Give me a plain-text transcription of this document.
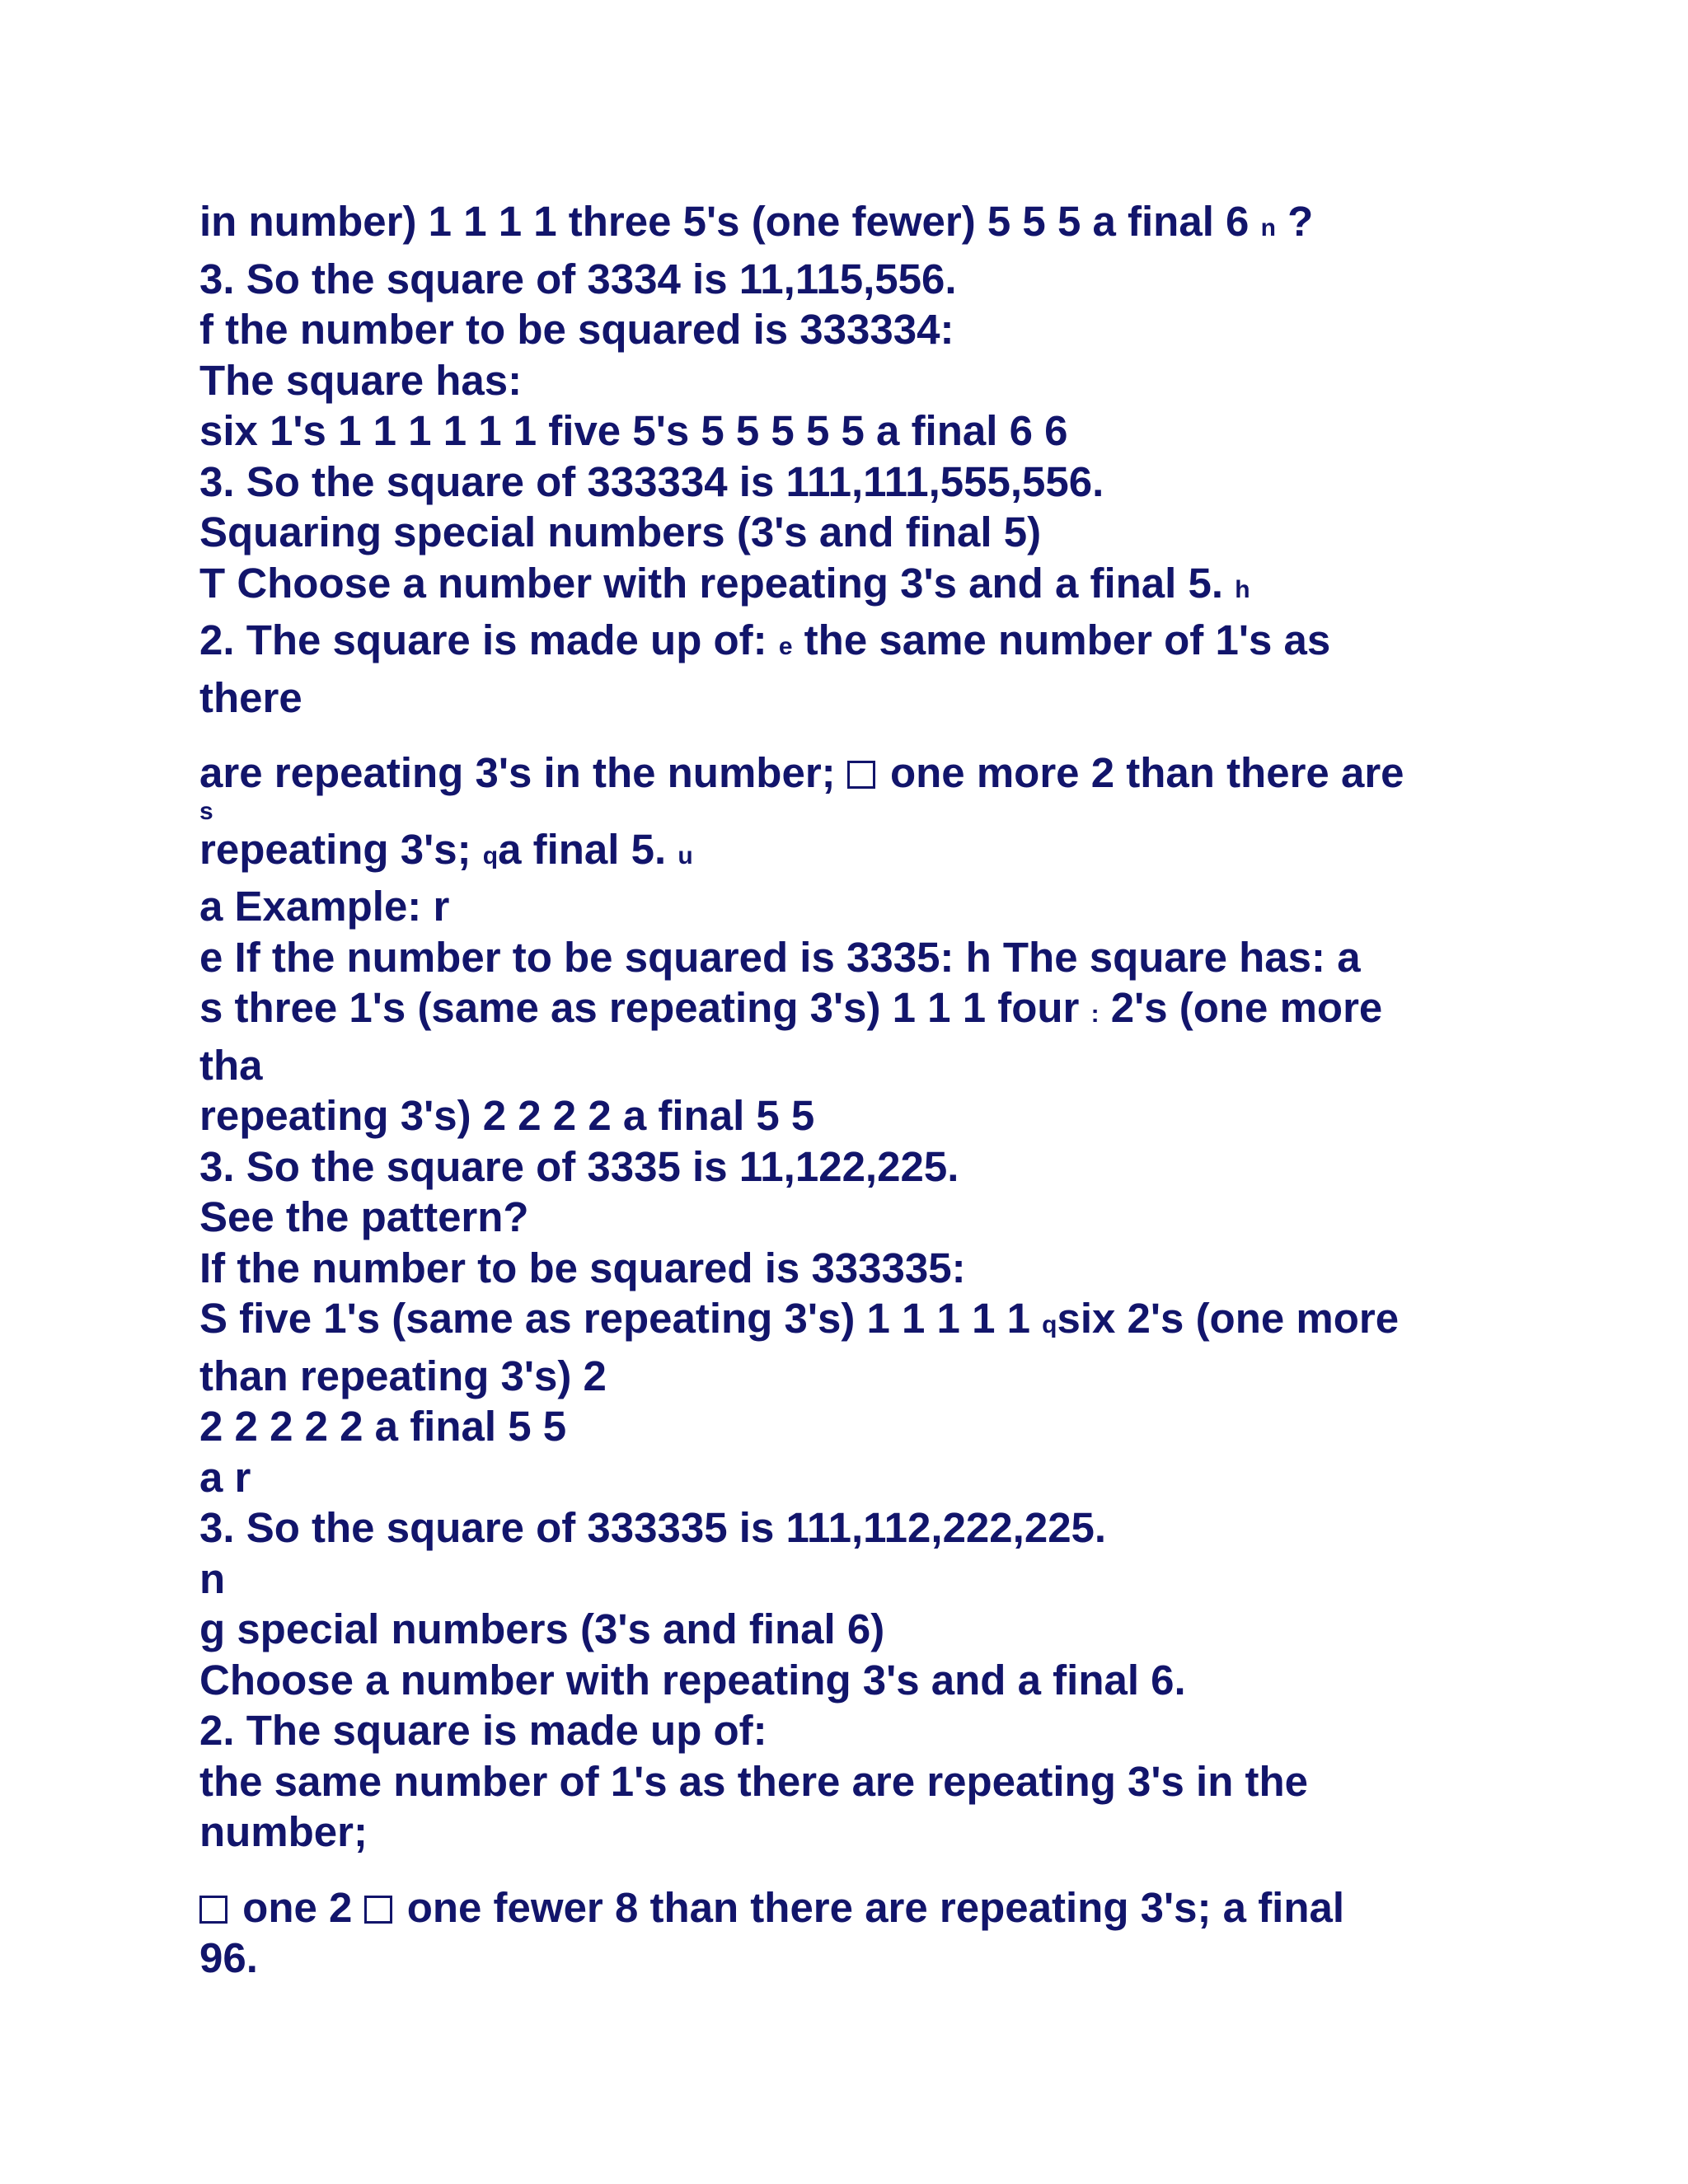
in number) 1 1 1 1 three 5's (one fewer) 5 5 5 a final 6 n ?
3. So the square of 3334 is 11,115,556.
f the number to be squared is 333334:
The square has:
six 1's 1 1 1 1 1 1 five 5's 5 5 5 5 5 a final 6 6
3. So the square of 333334 is 111,111,555,556.
Squaring special numbers (3's and final 5)
T Choose a number with repeating 3's and a final 5. h
2. The square is made up of: e the same number of 1's as
there
are repeating 3's in the number;  one more 2 than there are
s
repeating 3's; qa final 5. u
a Example: r
e If the number to be squared is 3335: h The square has: a
s three 1's (same as repeating 3's) 1 1 1 four : 2's (one more
tha
repeating 3's) 2 2 2 2 a final 5 5
3. So the square of 3335 is 11,122,225.
See the pattern?
If the number to be squared is 333335:
S five 1's (same as repeating 3's) 1 1 1 1 1 qsix 2's (one more
than repeating 3's) 2
2 2 2 2 2 a final 5 5
a r
3. So the square of 333335 is 111,112,222,225.
n
g special numbers (3's and final 6)
Choose a number with repeating 3's and a final 6.
2. The square is made up of:
the same number of 1's as there are repeating 3's in the
number;
one 2  one fewer 8 than there are repeating 3's; a final
96.
